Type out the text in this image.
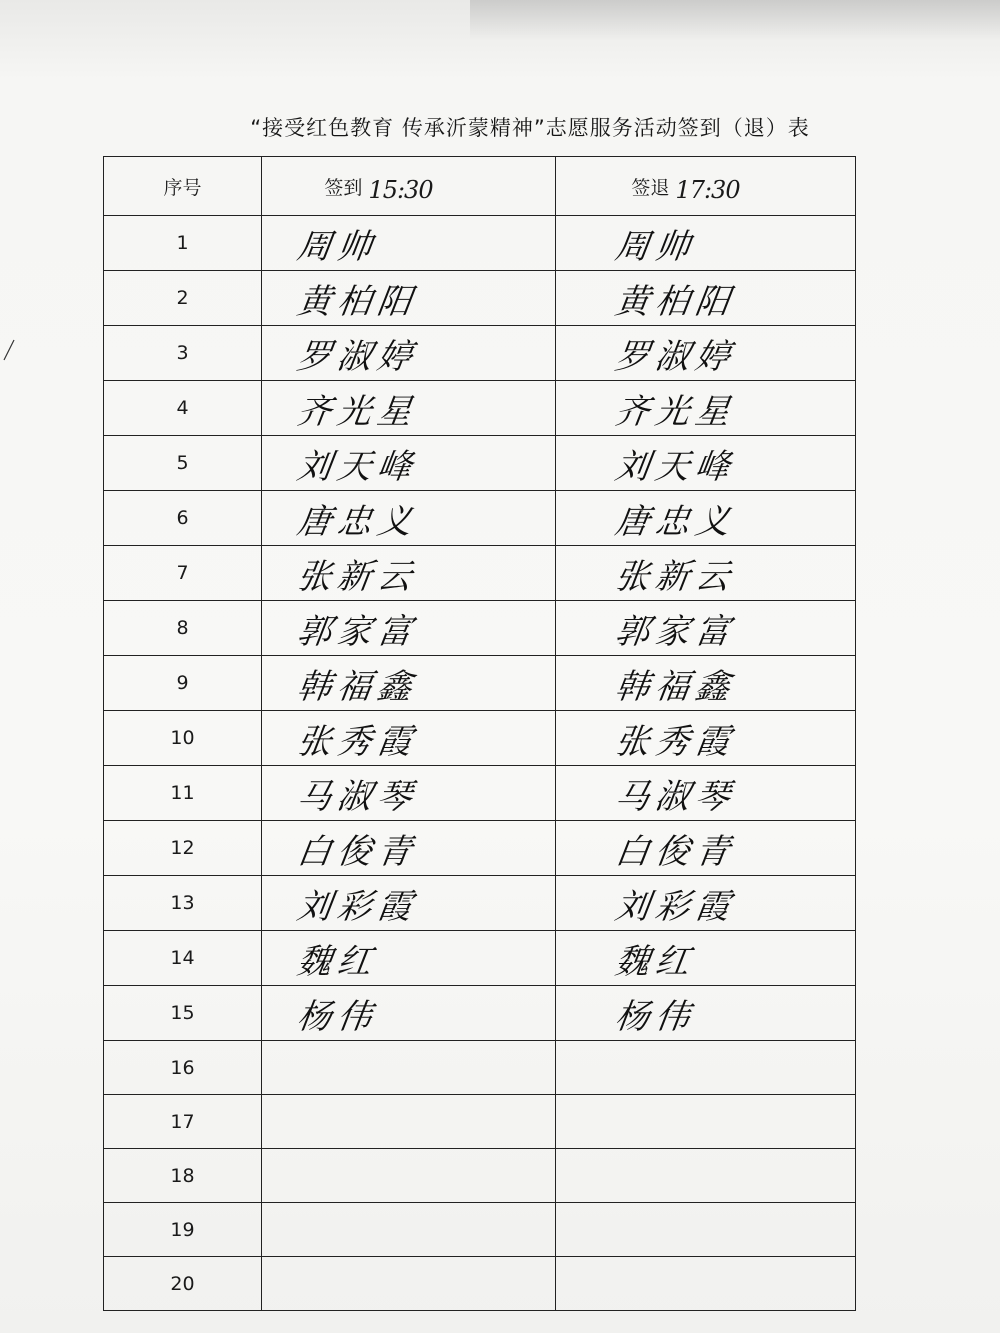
“接受红色教育 传承沂蒙精神”志愿服务活动签到（退）表
序号	签到 15:30	签退 17:30
1	周帅	周帅

2	黄柏阳	黄柏阳

3	罗淑婷	罗淑婷

4	齐光星	齐光星

5	刘天峰	刘天峰

6	唐忠义	唐忠义

7	张新云	张新云

8	郭家富	郭家富

9	韩福鑫	韩福鑫

10	张秀霞	张秀霞

11	马淑琴	马淑琴

12	白俊青	白俊青

13	刘彩霞	刘彩霞

14	魏红	魏红

15	杨伟	杨伟

16	

17	

18	

19	

20	
